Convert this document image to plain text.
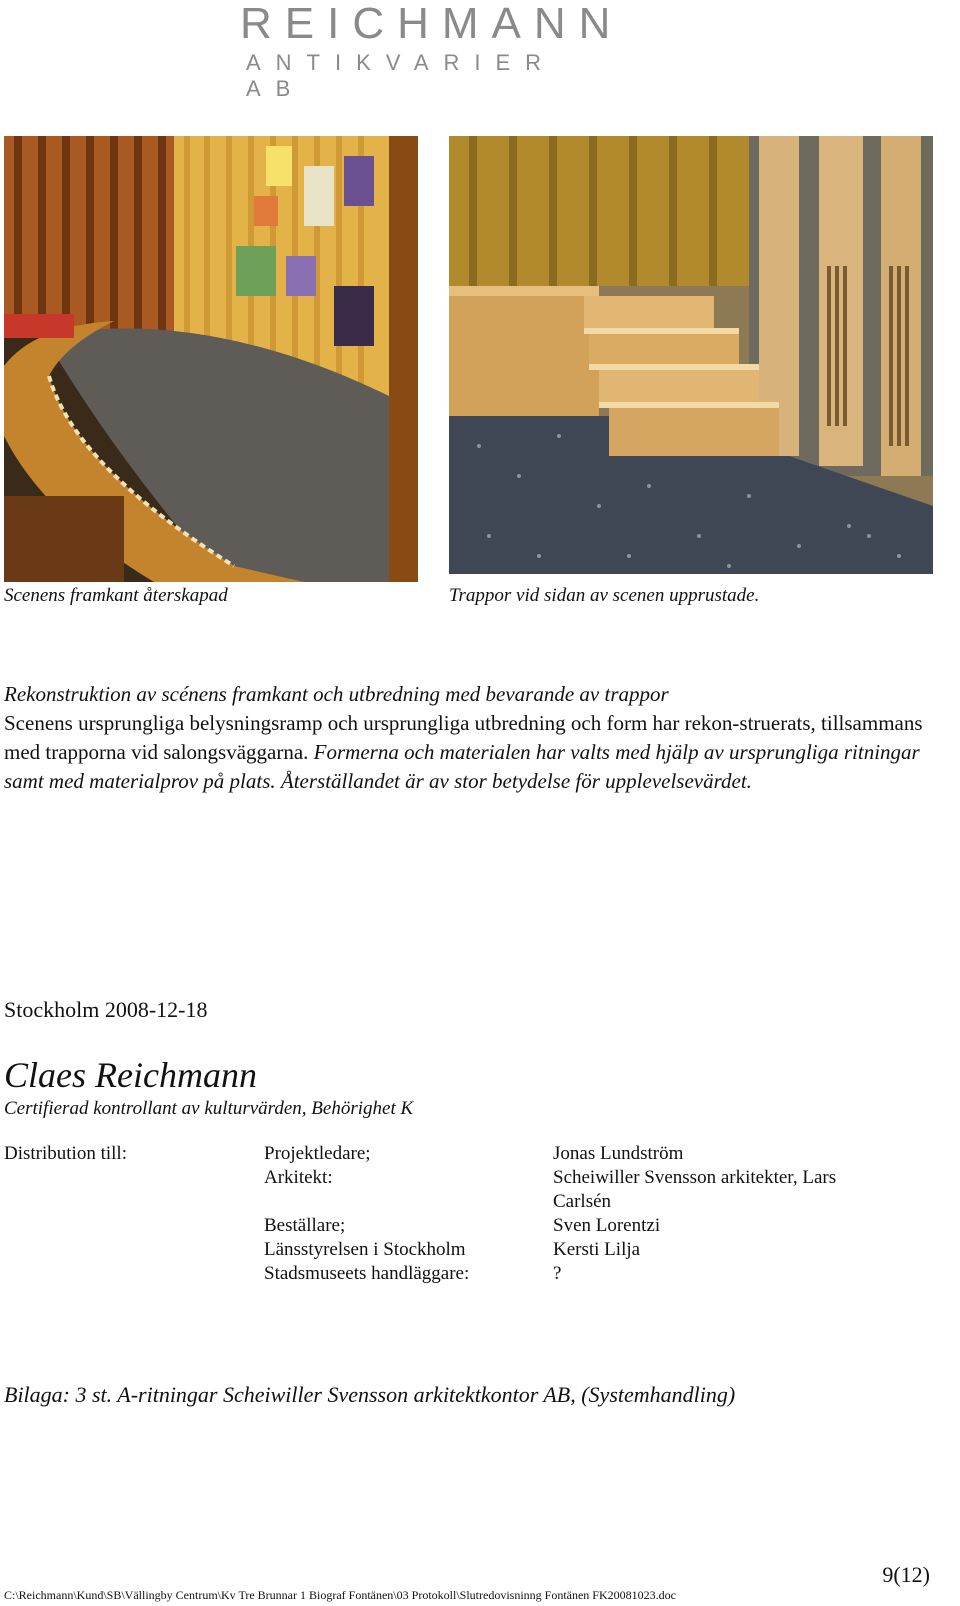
REICHMANN
ANTIKVARIER AB
Scenens framkant återskapad	Trappor vid sidan av scenen upprustade.
Rekonstruktion av scénens framkant och utbredning med bevarande av trappor
Scenens ursprungliga belysningsramp och ursprungliga utbredning och form har rekon-struerats, tillsammans med trapporna vid salongsväggarna. Formerna och materialen har valts med hjälp av ursprungliga ritningar samt med materialprov på plats. Återställandet är av stor betydelse för upplevelsevärdet.
Stockholm 2008-12-18
Claes Reichmann
Certifierad kontrollant av kulturvärden, Behörighet K
Distribution till:	Projektledare;	Jonas Lundström
Arkitekt:	Scheiwiller Svensson arkitekter, Lars Carlsén
Beställare;	Sven Lorentzi
Länsstyrelsen i Stockholm	Kersti Lilja
Stadsmuseets handläggare:	?
Bilaga: 3 st. A-ritningar Scheiwiller Svensson arkitektkontor AB, (Systemhandling)
9(12)
C:\Reichmann\Kund\SB\Vällingby Centrum\Kv Tre Brunnar 1 Biograf Fontänen\03 Protokoll\Slutredovisninng Fontänen FK20081023.doc
